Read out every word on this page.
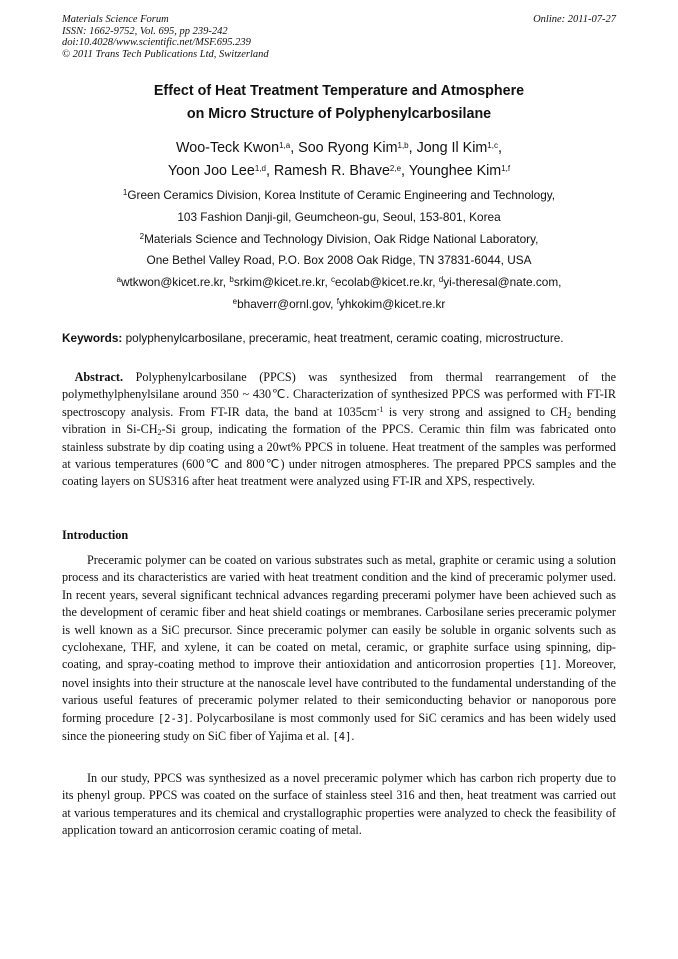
Materials Science Forum
ISSN: 1662-9752, Vol. 695, pp 239-242
doi:10.4028/www.scientific.net/MSF.695.239
© 2011 Trans Tech Publications Ltd, Switzerland
Online: 2011-07-27
Effect of Heat Treatment Temperature and Atmosphere
on Micro Structure of Polyphenylcarbosilane
Woo-Teck Kwon$^{1,a}$, Soo Ryong Kim$^{1,b}$, Jong Il Kim$^{1,c}$,
Yoon Joo Lee$^{1,d}$, Ramesh R. Bhave$^{2,e}$, Younghee Kim$^{1,f}$
$^1$Green Ceramics Division, Korea Institute of Ceramic Engineering and Technology,
103 Fashion Danji-gil, Geumcheon-gu, Seoul, 153-801, Korea
$^2$Materials Science and Technology Division, Oak Ridge National Laboratory,
One Bethel Valley Road, P.O. Box 2008 Oak Ridge, TN 37831-6044, USA
$^a$wtkwon@kicet.re.kr, $^b$srkim@kicet.re.kr, $^c$ecolab@kicet.re.kr, $^d$yi-theresal@nate.com,
$^e$bhaverr@ornl.gov, $^f$yhkokim@kicet.re.kr
Keywords: polyphenylcarbosilane, preceramic, heat treatment, ceramic coating, microstructure.
Abstract. Polyphenylcarbosilane (PPCS) was synthesized from thermal rearrangement of the polymethylphenylsilane around 350 ~ 430℃. Characterization of synthesized PPCS was performed with FT-IR spectroscopy analysis. From FT-IR data, the band at $1035cm^{-1}$ is very strong and assigned to $CH_2$ bending vibration in $Si-CH_2-Si$ group, indicating the formation of the PPCS. Ceramic thin film was fabricated onto stainless substrate by dip coating using a 20wt% PPCS in toluene. Heat treatment of the samples was performed at various temperatures (600℃ and 800℃) under nitrogen atmospheres. The prepared PPCS samples and the coating layers on SUS316 after heat treatment were analyzed using FT-IR and XPS, respectively.
Introduction
Preceramic polymer can be coated on various substrates such as metal, graphite or ceramic using a solution process and its characteristics are varied with heat treatment condition and the kind of preceramic polymer used. In recent years, several significant technical advances regarding precerami polymer have been achieved such as the development of ceramic fiber and heat shield coatings or membranes. Carbosilane series preceramic polymer is well known as a SiC precursor. Since preceramic polymer can easily be soluble in organic solvents such as cyclohexane, THF, and xylene, it can be coated on metal, ceramic, or graphite surface using spinning, dip-coating, and spray-coating method to improve their antioxidation and anticorrosion properties [1]. Moreover, novel insights into their structure at the nanoscale level have contributed to the fundamental understanding of the various useful features of preceramic polymer related to their semiconducting behavior or nanoporous pore forming procedure [2-3]. Polycarbosilane is most commonly used for SiC ceramics and has been widely used since the pioneering study on SiC fiber of Yajima et al. [4].
In our study, PPCS was synthesized as a novel preceramic polymer which has carbon rich property due to its phenyl group. PPCS was coated on the surface of stainless steel 316 and then, heat treatment was carried out at various temperatures and its chemical and crystallographic properties were analyzed to check the feasibility of application toward an anticorrosion ceramic coating of metal.
